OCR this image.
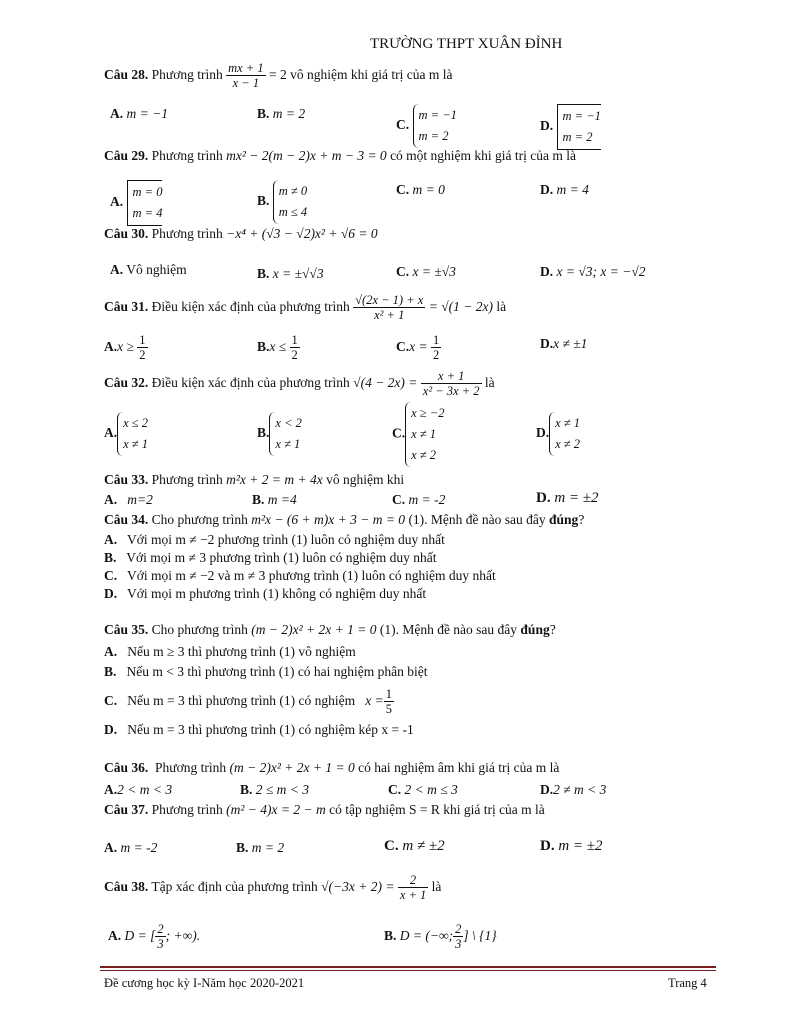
TRƯỜNG THPT XUÂN ĐỈNH
Câu 28. Phương trình $\frac{mx + 1}{x - 1} = 2$ vô nghiệm khi giá trị của m là
A. m = −1	B. m = 2
C. m = −1
m = 2
D. m = −1
m = 2
Câu 29. Phương trình mx² − 2(m − 2)x + m − 3 = 0 có một nghiệm khi giá trị của m là
A. m = 0
m = 4
B. m ≠ 0
m ≤ 4
C. m = 0	D. m = 4
Câu 30. Phương trình −x⁴ + (√3 − √2)x² + √6 = 0
A. Vô nghiệm	B. x = ±√√3	C. x = ±√3	D. x = √3; x = −√2
Câu 31. Điều kiện xác định của phương trình $\frac{√(2x - 1) + x}{\text{x² + 1}} = √(1 - 2x)$ là
$A.x \ge \frac{1}{2}$	$B.x \le \frac{1}{2}$	$C.x = \frac{1}{2}$	D.x ≠ ±1
Câu 32. Điều kiện xác định của phương trình $√(4 - 2x) = \frac{x + 1}{\text{x² − 3x + 2}}$ là
A.x ≤ 2
x ≠ 1
B.x < 2
x ≠ 1
C.x ≥ −2
x ≠ 1
x ≠ 2
D.x ≠ 1
x ≠ 2
Câu 33. Phương trình m²x + 2 = m + 4x vô nghiệm khi
A. m=2	B. m =4	C. m = -2	D. m = ±2
Câu 34. Cho phương trình m²x − (6 + m)x + 3 − m = 0 (1). Mệnh đề nào sau đây đúng?
A. Với mọi m ≠ −2 phương trình (1) luôn có nghiệm duy nhất
B. Với mọi m ≠ 3 phương trình (1) luôn có nghiệm duy nhất
C. Với mọi m ≠ −2 và m ≠ 3 phương trình (1) luôn có nghiệm duy nhất
D. Với mọi m phương trình (1) không có nghiệm duy nhất
Câu 35. Cho phương trình (m − 2)x² + 2x + 1 = 0 (1). Mệnh đề nào sau đây đúng?
A. Nếu m ≥ 3 thì phương trình (1) vô nghiệm
B. Nếu m < 3 thì phương trình (1) có hai nghiệm phân biệt
C. Nếu m = 3 thì phương trình (1) có nghiệm $x = \frac{1}{5}$
D. Nếu m = 3 thì phương trình (1) có nghiệm kép x = -1
Câu 36. Phương trình (m − 2)x² + 2x + 1 = 0 có hai nghiệm âm khi giá trị của m là
A.2 < m < 3	B. 2 ≤ m < 3	C. 2 < m ≤ 3	D.2 ≠ m < 3
Câu 37. Phương trình (m² − 4)x = 2 − m có tập nghiệm S = R khi giá trị của m là
A. m = -2	B. m = 2	C. m ≠ ±2	D. m = ±2
Câu 38. Tập xác định của phương trình $√(-3x + 2) = \frac{2}{x + 1}$ là
A. D = [ $\frac{2}{3}$ ; +∞).	B. D = (−∞; $\frac{2}{3}$ ] \ {1}
Đề cương học kỳ I-Năm học 2020-2021	Trang 4
